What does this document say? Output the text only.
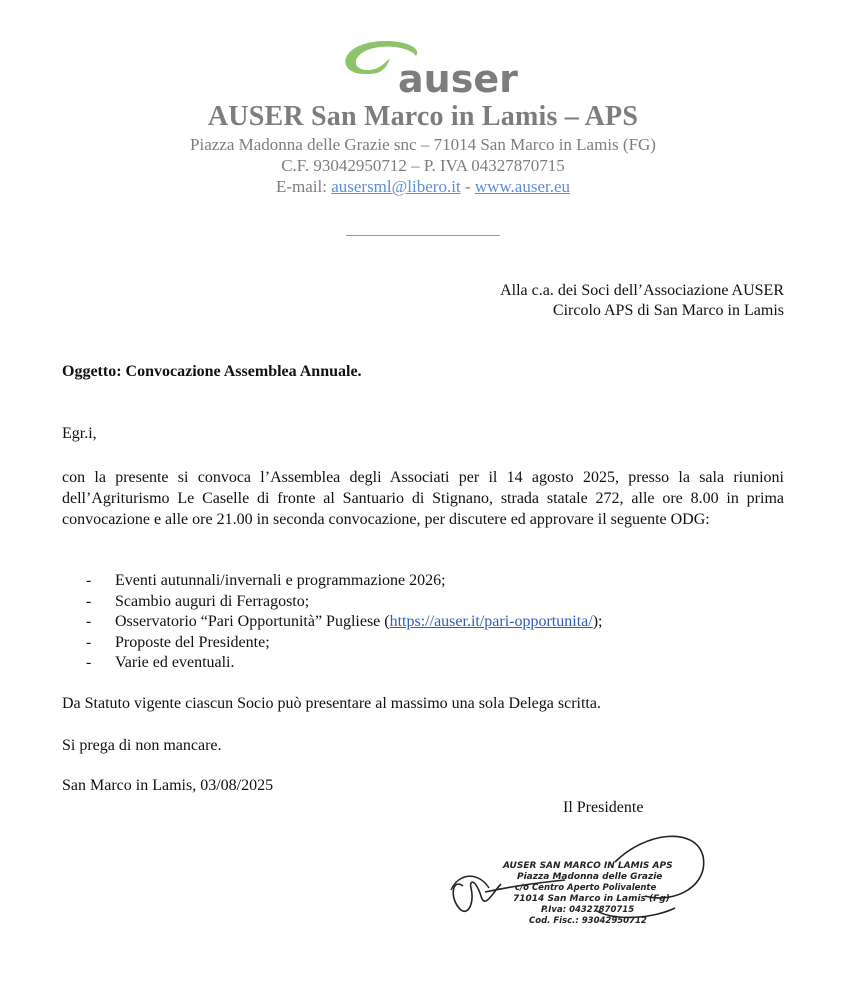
auser
AUSER San Marco in Lamis – APS
Piazza Madonna delle Grazie snc – 71014 San Marco in Lamis (FG)
C.F. 93042950712 – P. IVA 04327870715
E-mail: ausersml@libero.it - www.auser.eu
Alla c.a. dei Soci dell’Associazione AUSER
Circolo APS di San Marco in Lamis
Oggetto: Convocazione Assemblea Annuale.
Egr.i,
con la presente si convoca l’Assemblea degli Associati per il 14 agosto 2025, presso la sala riunioni dell’Agriturismo Le Caselle di fronte al Santuario di Stignano, strada statale 272, alle ore 8.00 in prima convocazione e alle ore 21.00 in seconda convocazione, per discutere ed approvare il seguente ODG:
- Eventi autunnali/invernali e programmazione 2026;
- Scambio auguri di Ferragosto;
- Osservatorio “Pari Opportunità” Pugliese (https://auser.it/pari-opportunita/);
- Proposte del Presidente;
- Varie ed eventuali.
Da Statuto vigente ciascun Socio può presentare al massimo una sola Delega scritta.
Si prega di non mancare.
San Marco in Lamis, 03/08/2025
Il Presidente
AUSER SAN MARCO IN LAMIS APS
Piazza Madonna delle Grazie
c/o Centro Aperto Polivalente
71014 San Marco in Lamis (Fg)
P.Iva: 04327870715
Cod. Fisc.: 93042950712
